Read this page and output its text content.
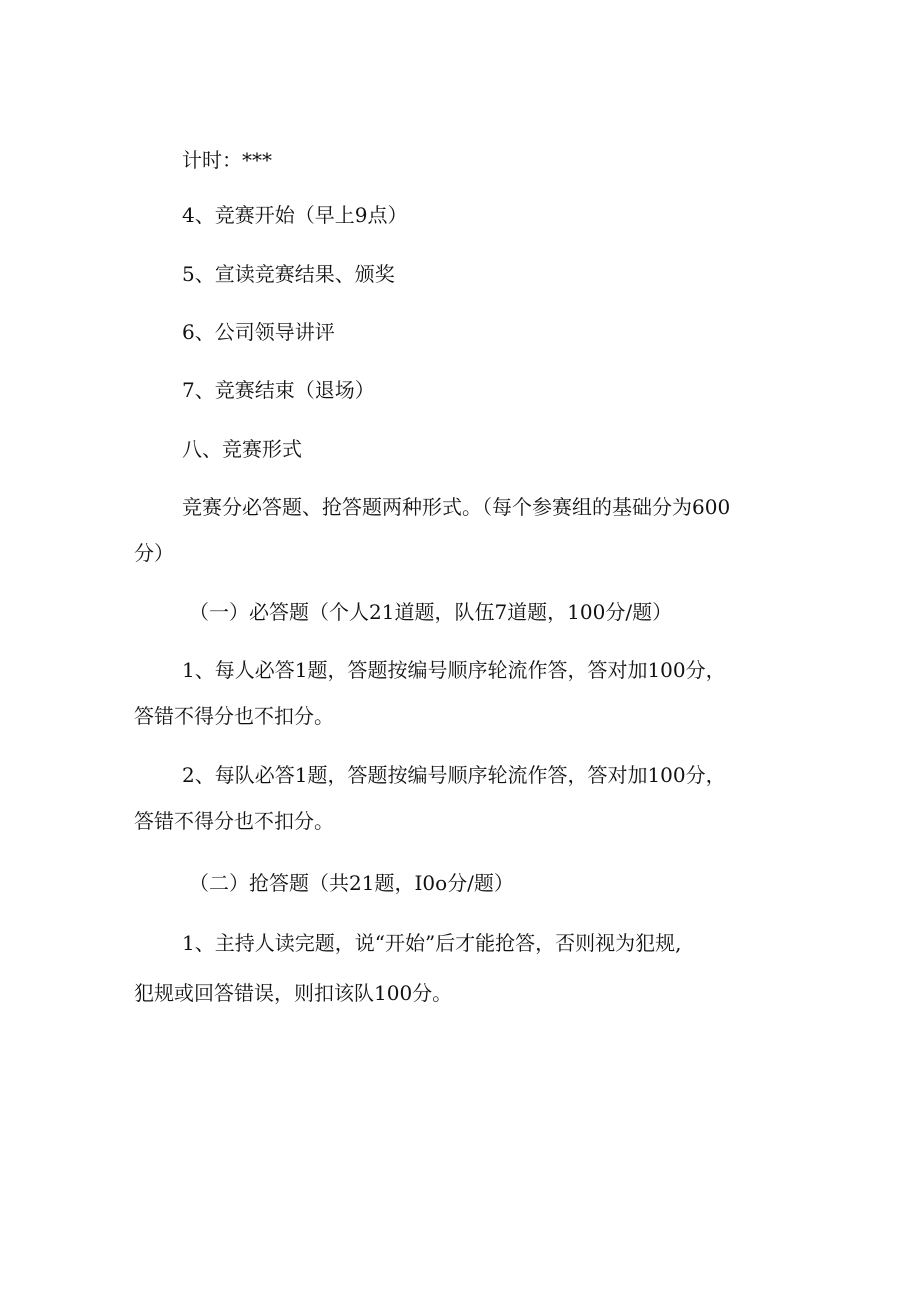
计时：***
4、竞赛开始（早上9点）
5、宣读竞赛结果、颁奖
6、公司领导讲评
7、竞赛结束（退场）
八、竞赛形式
竞赛分必答题、抢答题两种形式。（每个参赛组的基础分为600
分）
（一）必答题（个人21道题，队伍7道题，100分/题）
1、每人必答1题，答题按编号顺序轮流作答，答对加100分，
答错不得分也不扣分。
2、每队必答1题，答题按编号顺序轮流作答，答对加100分，
答错不得分也不扣分。
（二）抢答题（共21题，I0o分/题）
1、主持人读完题，说“开始”后才能抢答，否则视为犯规,
犯规或回答错误，则扣该队100分。
